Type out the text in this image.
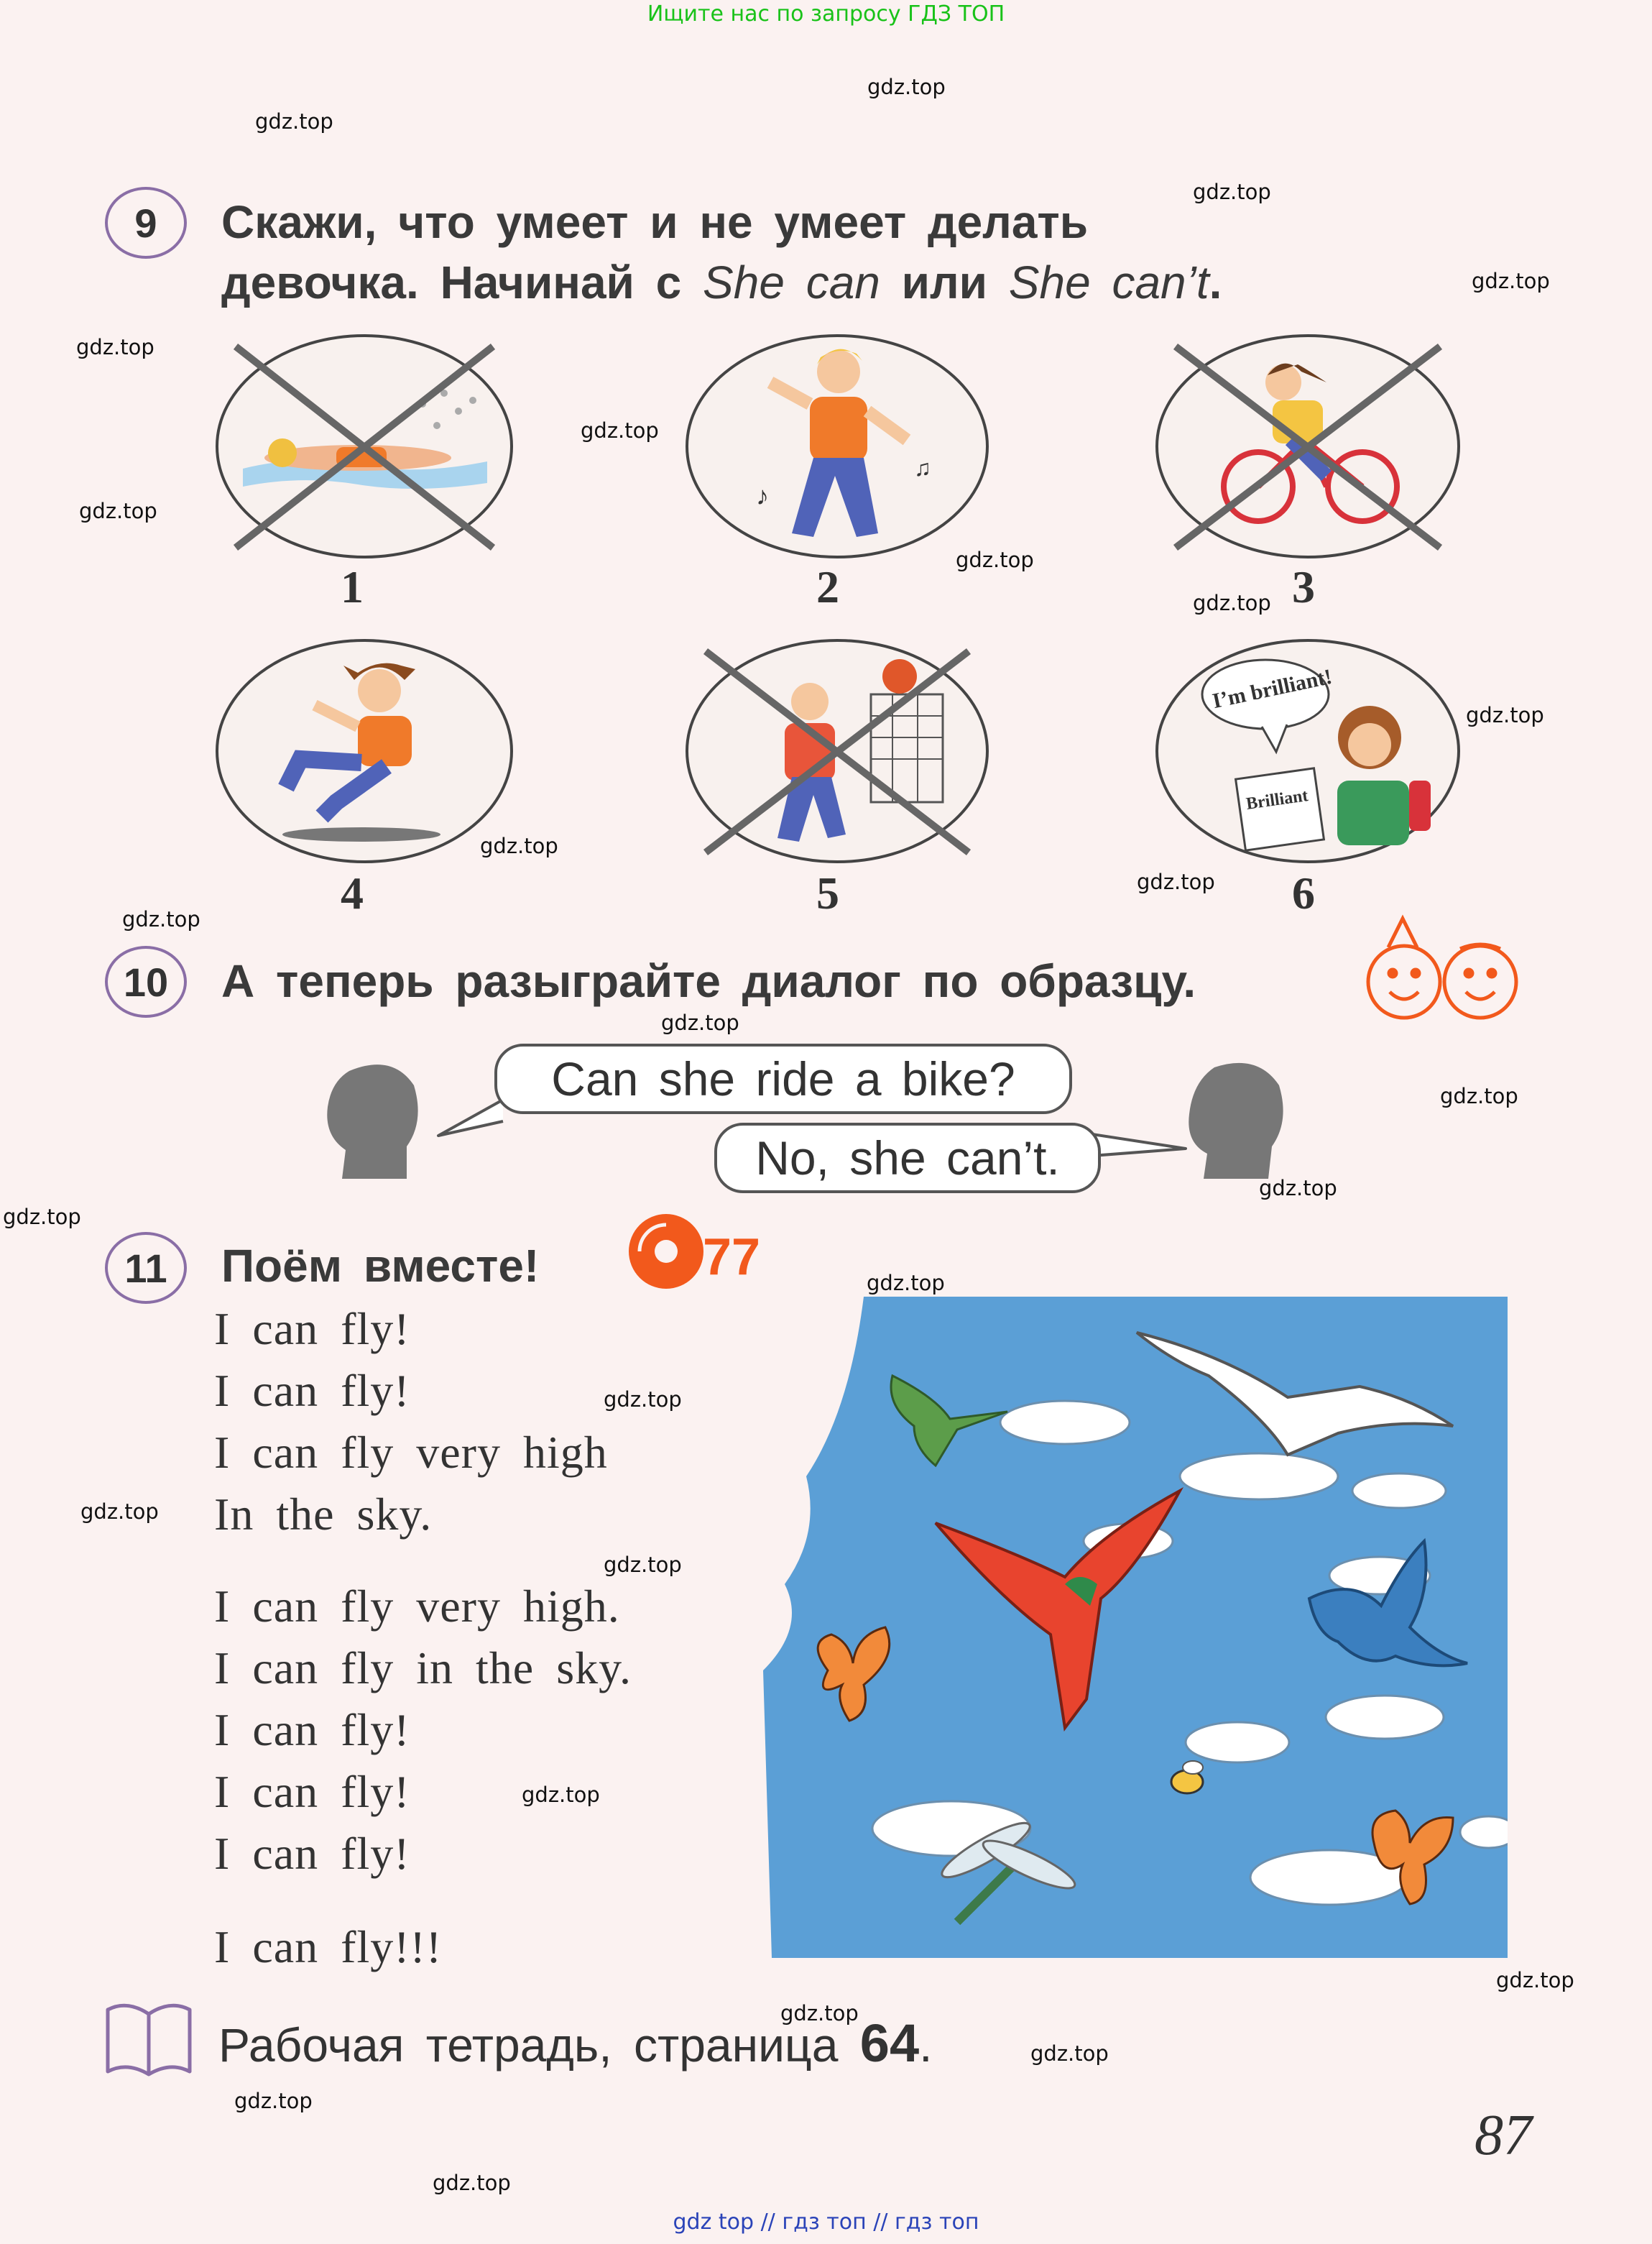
Ищите нас по запросу ГДЗ ТОП
gdz top // гдз топ // гдз топ
gdz.top
gdz.top
gdz.top
gdz.top
gdz.top
gdz.top
gdz.top
gdz.top
gdz.top
gdz.top
gdz.top
gdz.top
gdz.top
gdz.top
gdz.top
gdz.top
gdz.top
gdz.top
gdz.top
gdz.top
gdz.top
gdz.top
gdz.top
gdz.top
gdz.top
gdz.top
gdz.top
9	Скажи, что умеет и не умеет делать
девочка. Начинай с She can или She can’t.
1
♪
♫
2	3
4	5
I’m brilliant!
Brilliant
6
10	А теперь разыграйте диалог по образцу.
Can she ride a bike?
No, she can’t.
11	Поём вместе!	77
I can fly!
I can fly!
I can fly very high
In the sky.
I can fly very high.
I can fly in the sky.
I can fly!
I can fly!
I can fly!
I can fly!!!
Рабочая тетрадь, страница 64.
87
